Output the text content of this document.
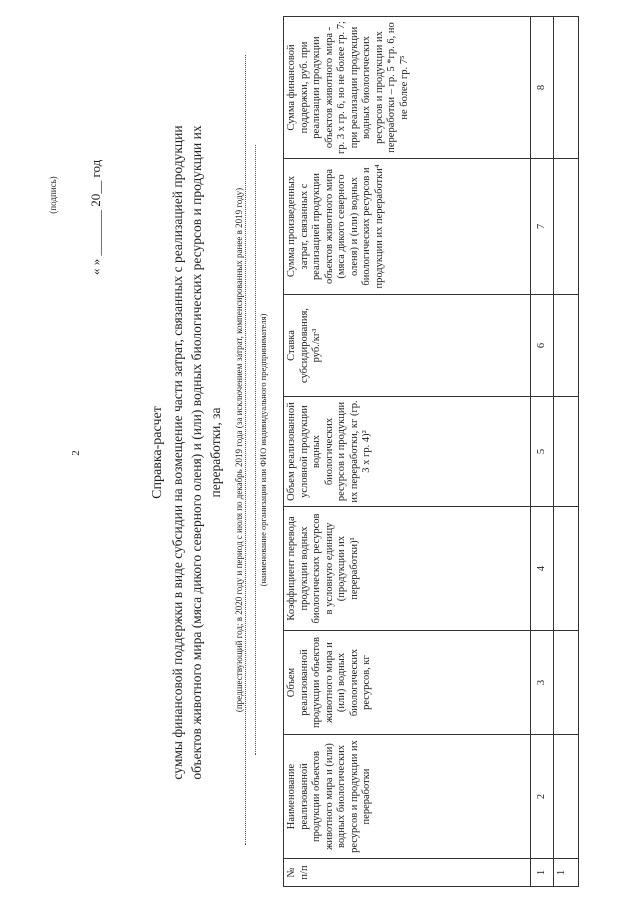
2
(подпись) « » _______ 20__ год
Справка-расчет суммы финансовой поддержки в виде субсидии на возмещение части затрат, связанных с реализацией продукции объектов животного мира (мяса дикого северного оленя) и (или) водных биологических ресурсов и продукции их переработки, за (предшествующий год; в 2020 году и период с июля по декабрь 2019 года (за исключением затрат, компенсированных ранее в 2019 году)	(наименование организации или ФИО индивидуального предпринимателя)
№ п/п	Наименование реализованной продукции объектов животного мира и (или) водных биологических ресурсов и продукции их переработки	Объем реализованной продукции объектов животного мира и (или) водных биологических ресурсов, кг	Коэффициент перевода продукции водных биологических ресурсов в условную единицу (продукции их переработки)¹	Объем реализованной условной продукции водных биологических ресурсов и продукции их переработки, кг (гр. 3 х гр. 4)²	Ставка субсидирования, руб./кг³	Сумма произведенных затрат, связанных с реализацией продукции объектов животного мира (мяса дикого северного оленя) и (или) водных биологических ресурсов и продукции их переработки⁴	Сумма финансовой поддержки, руб. при реализации продукции объектов животного мира - гр. 3 х гр. 6, но не более гр. 7; при реализации продукции водных биологических ресурсов и продукции их переработки – гр. 5 *гр. 6, но не более гр. 7⁵
1	2	3	4	5	6	7	8
1							
